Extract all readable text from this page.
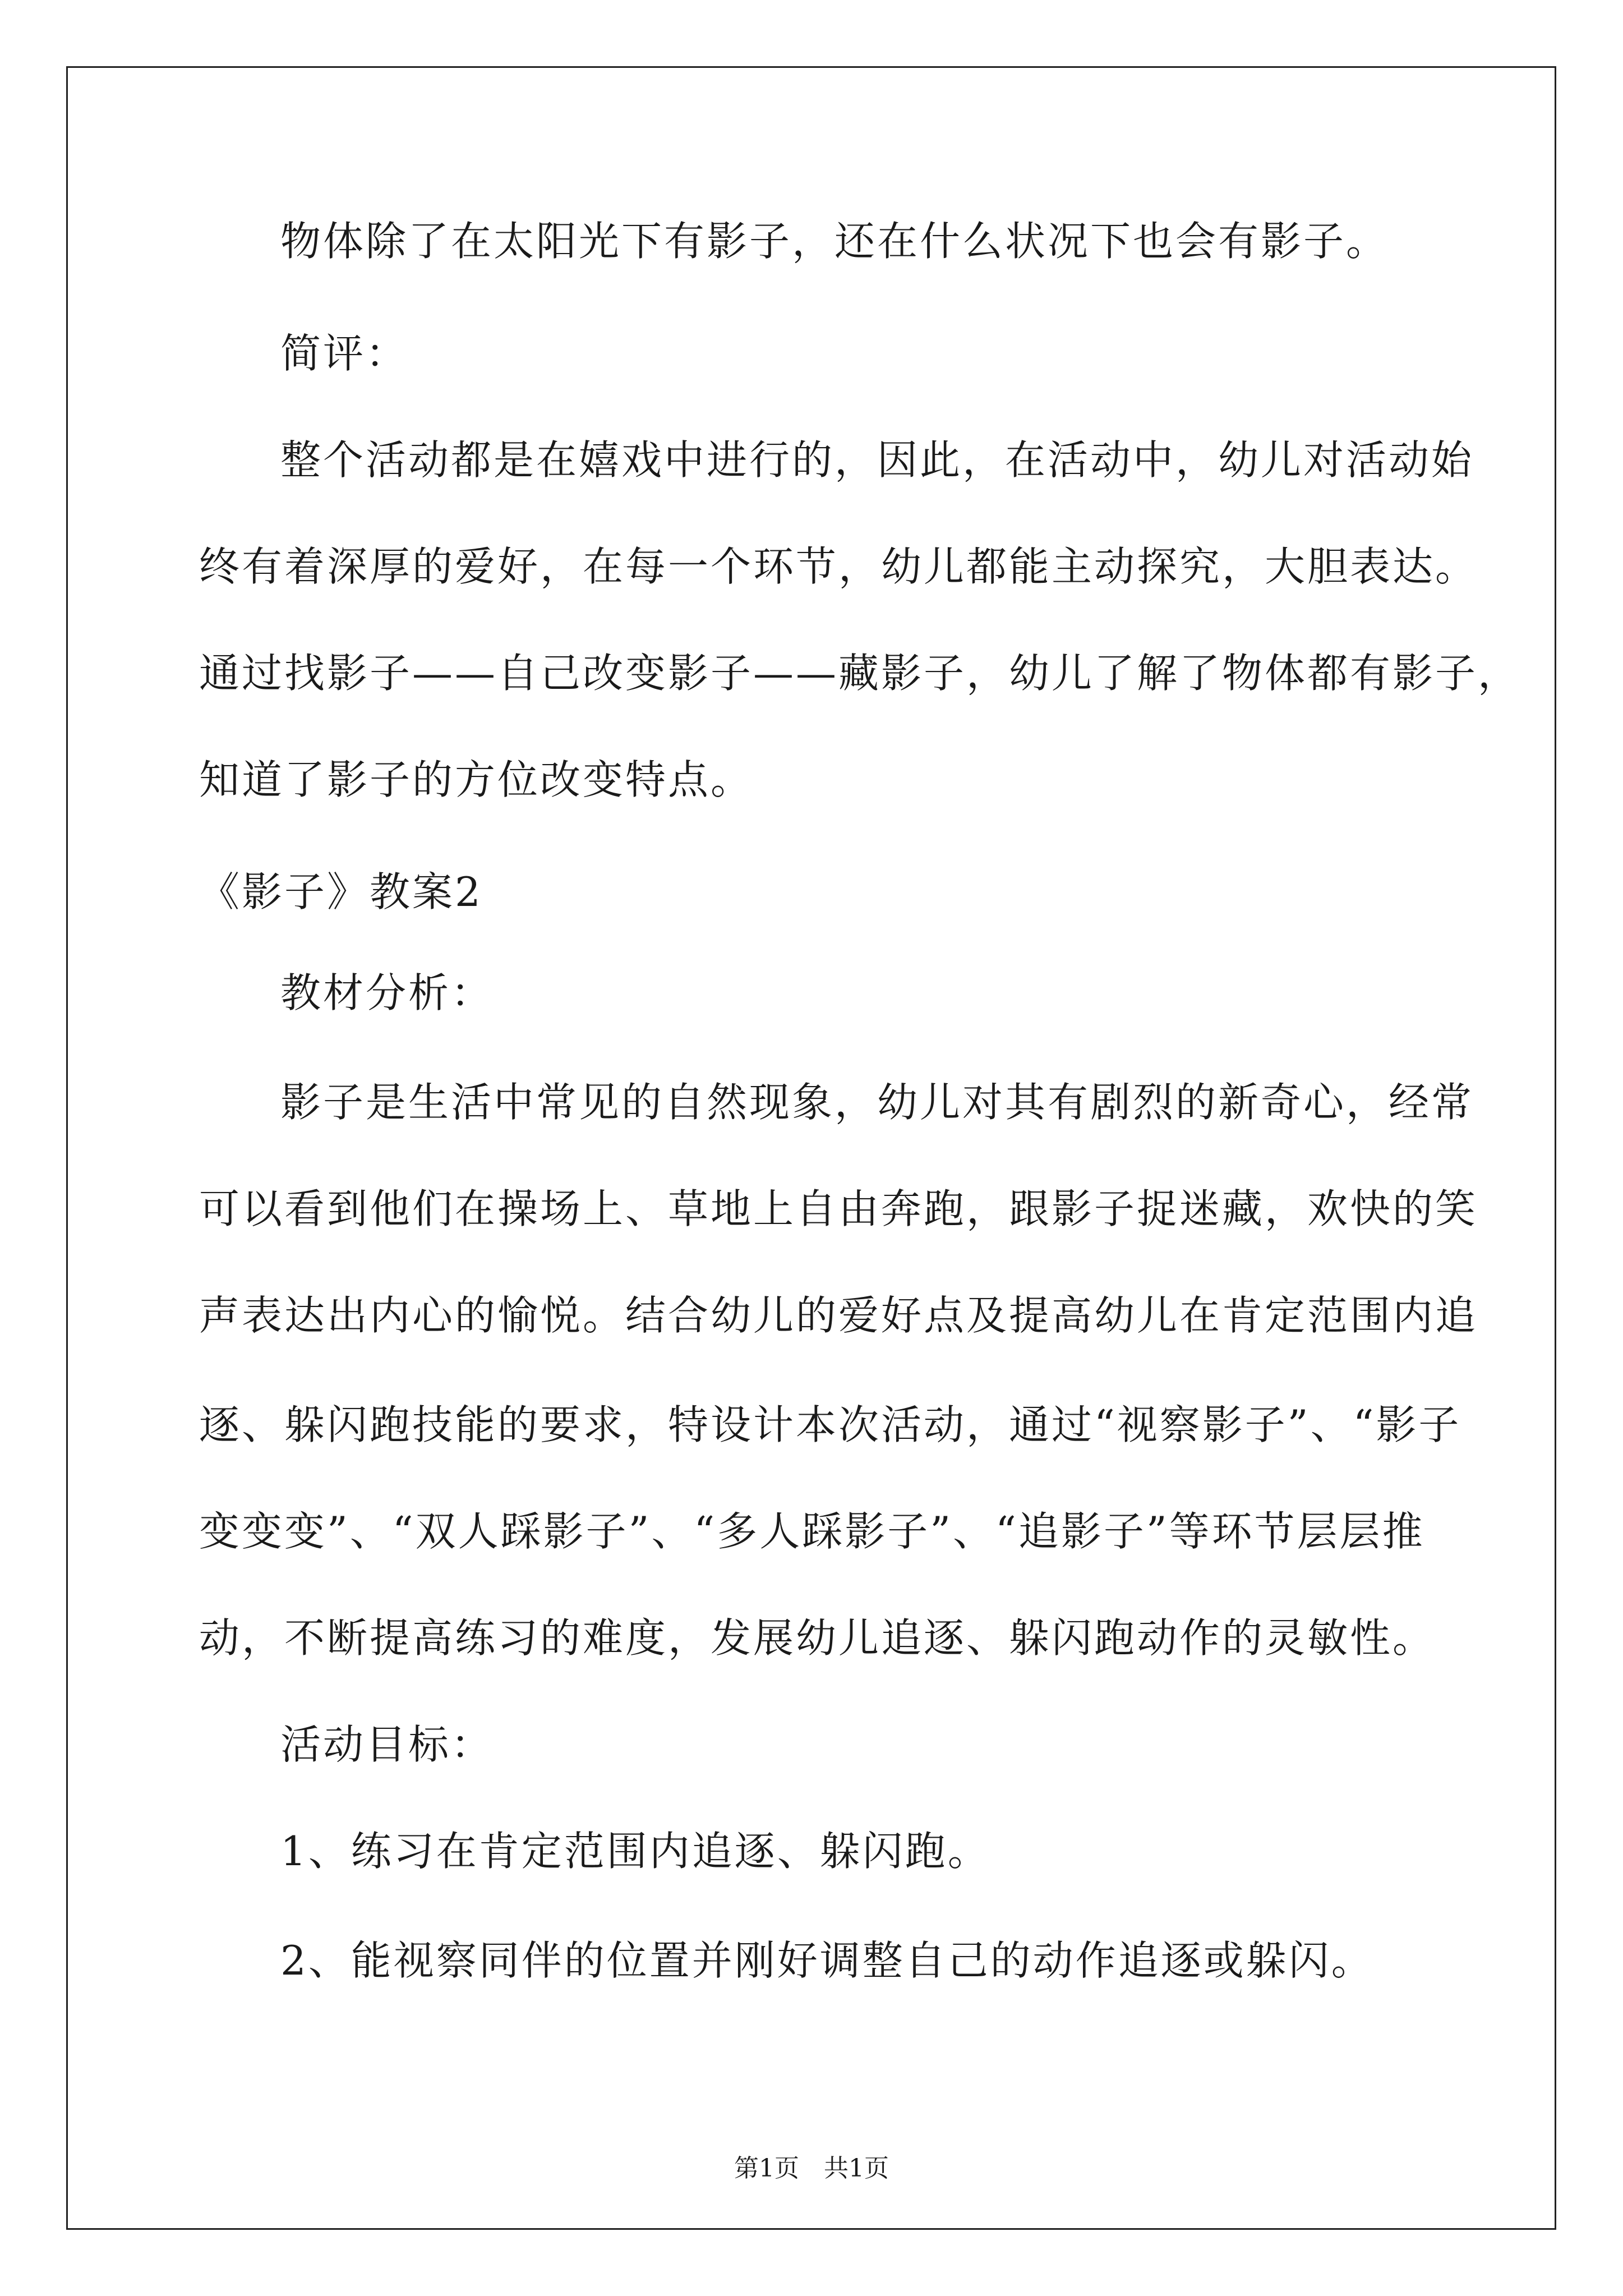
物体除了在太阳光下有影子，还在什么状况下也会有影子。
简评：
整个活动都是在嬉戏中进行的，因此，在活动中，幼儿对活动始
终有着深厚的爱好，在每一个环节，幼儿都能主动探究，大胆表达。
通过找影子——自己改变影子——藏影子，幼儿了解了物体都有影子，
知道了影子的方位改变特点。
《影子》教案2
教材分析：
影子是生活中常见的自然现象，幼儿对其有剧烈的新奇心，经常
可以看到他们在操场上、草地上自由奔跑，跟影子捉迷藏，欢快的笑
声表达出内心的愉悦。结合幼儿的爱好点及提高幼儿在肯定范围内追
逐、躲闪跑技能的要求，特设计本次活动，通过“视察影子”、“影子
变变变”、“双人踩影子”、“多人踩影子”、“追影子”等环节层层推
动，不断提高练习的难度，发展幼儿追逐、躲闪跑动作的灵敏性。
活动目标：
1、练习在肯定范围内追逐、躲闪跑。
2、能视察同伴的位置并刚好调整自己的动作追逐或躲闪。
第1页　共1页
